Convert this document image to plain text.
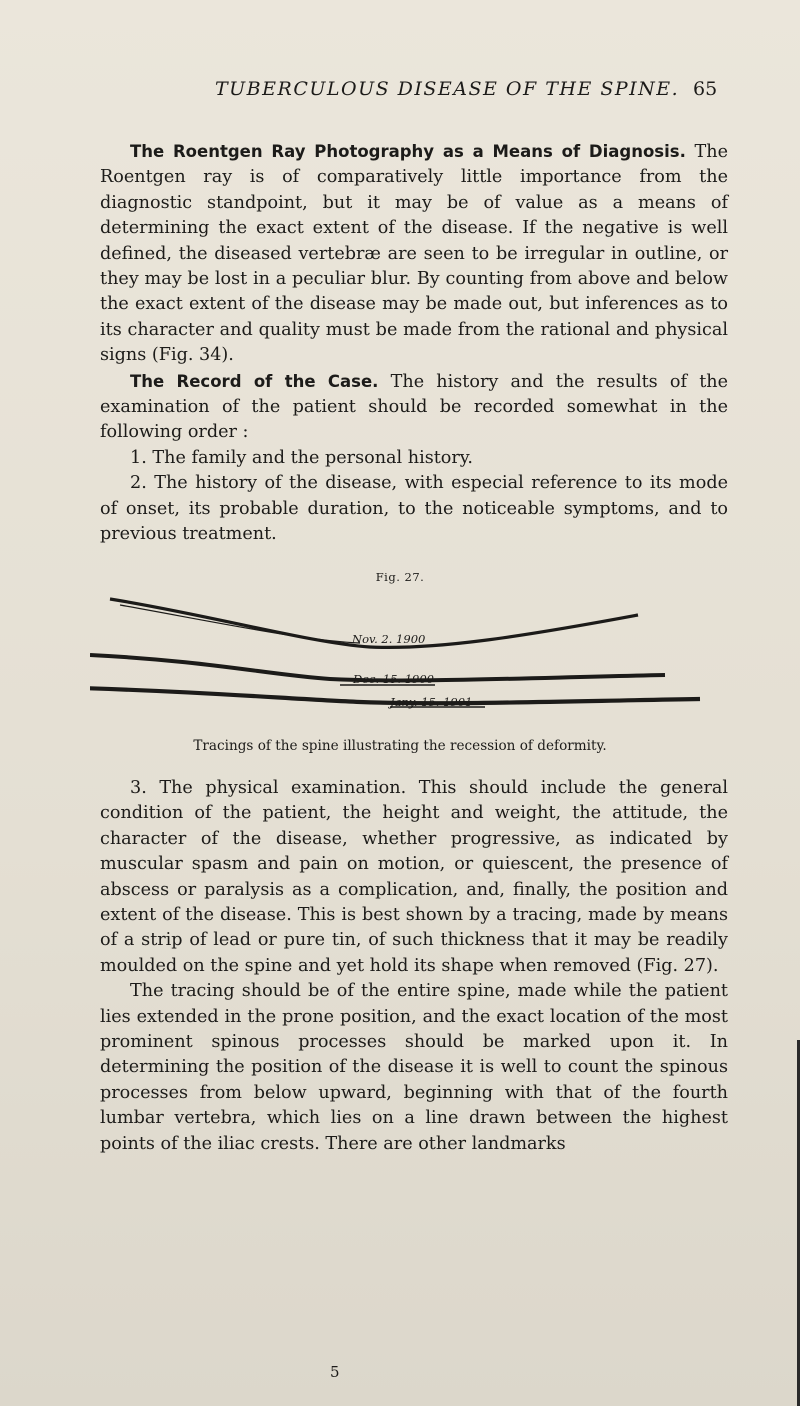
TUBERCULOUS DISEASE OF THE SPINE. 65

The Roentgen Ray Photography as a Means of Diagnosis. The Roentgen ray is of comparatively little importance from the diagnostic standpoint, but it may be of value as a means of determining the exact extent of the disease. If the negative is well defined, the diseased vertebræ are seen to be irregular in outline, or they may be lost in a peculiar blur. By counting from above and below the exact extent of the disease may be made out, but inferences as to its character and quality must be made from the rational and physical signs (Fig. 34).

The Record of the Case. The history and the results of the examination of the patient should be recorded somewhat in the following order :

1. The family and the personal history.

2. The history of the disease, with especial reference to its mode of onset, its probable duration, to the noticeable symptoms, and to previous treatment.

Fig. 27.
Nov. 2. 1900
Dec. 15. 1900
Jany. 15. 1901
Tracings of the spine illustrating the recession of deformity.

3. The physical examination. This should include the general condition of the patient, the height and weight, the attitude, the character of the disease, whether progressive, as indicated by muscular spasm and pain on motion, or quiescent, the presence of abscess or paralysis as a complication, and, finally, the position and extent of the disease. This is best shown by a tracing, made by means of a strip of lead or pure tin, of such thickness that it may be readily moulded on the spine and yet hold its shape when removed (Fig. 27).

The tracing should be of the entire spine, made while the patient lies extended in the prone position, and the exact location of the most prominent spinous processes should be marked upon it. In determining the position of the disease it is well to count the spinous processes from below upward, beginning with that of the fourth lumbar vertebra, which lies on a line drawn between the highest points of the iliac crests. There are other landmarks

5
